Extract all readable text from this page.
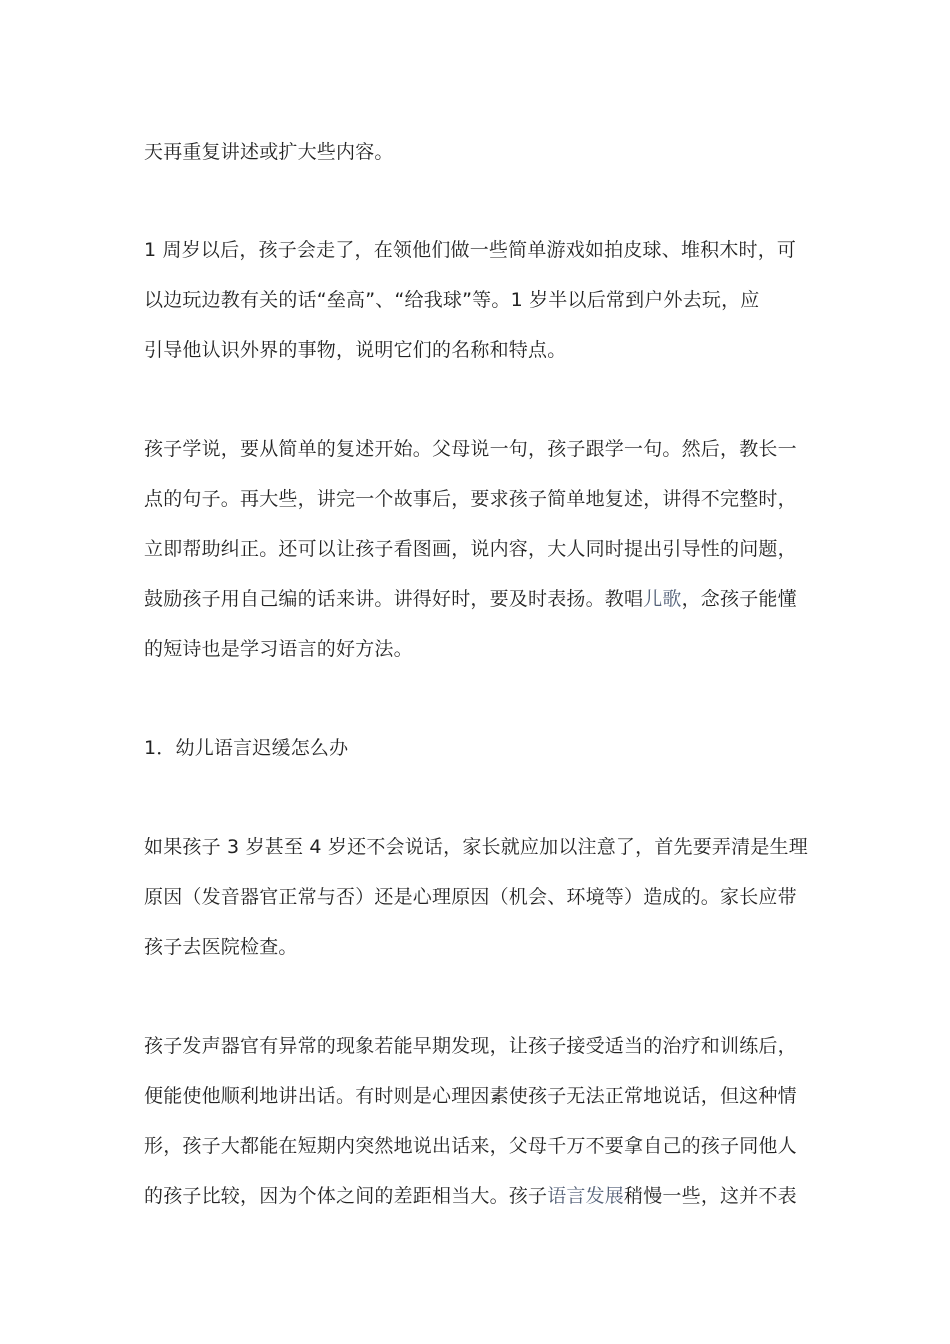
天再重复讲述或扩大些内容。
1 周岁以后，孩子会走了，在领他们做一些简单游戏如拍皮球、堆积木时，可
以边玩边教有关的话“垒高”、“给我球”等。1 岁半以后常到户外去玩，应
引导他认识外界的事物，说明它们的名称和特点。
孩子学说，要从简单的复述开始。父母说一句，孩子跟学一句。然后，教长一
点的句子。再大些，讲完一个故事后，要求孩子简单地复述，讲得不完整时，
立即帮助纠正。还可以让孩子看图画，说内容，大人同时提出引导性的问题，
鼓励孩子用自己编的话来讲。讲得好时，要及时表扬。教唱儿歌，念孩子能懂
的短诗也是学习语言的好方法。
1．幼儿语言迟缓怎么办
如果孩子 3 岁甚至 4 岁还不会说话，家长就应加以注意了，首先要弄清是生理
原因（发音器官正常与否）还是心理原因（机会、环境等）造成的。家长应带
孩子去医院检查。
孩子发声器官有异常的现象若能早期发现，让孩子接受适当的治疗和训练后，
便能使他顺利地讲出话。有时则是心理因素使孩子无法正常地说话，但这种情
形，孩子大都能在短期内突然地说出话来，父母千万不要拿自己的孩子同他人
的孩子比较，因为个体之间的差距相当大。孩子语言发展稍慢一些，这并不表
